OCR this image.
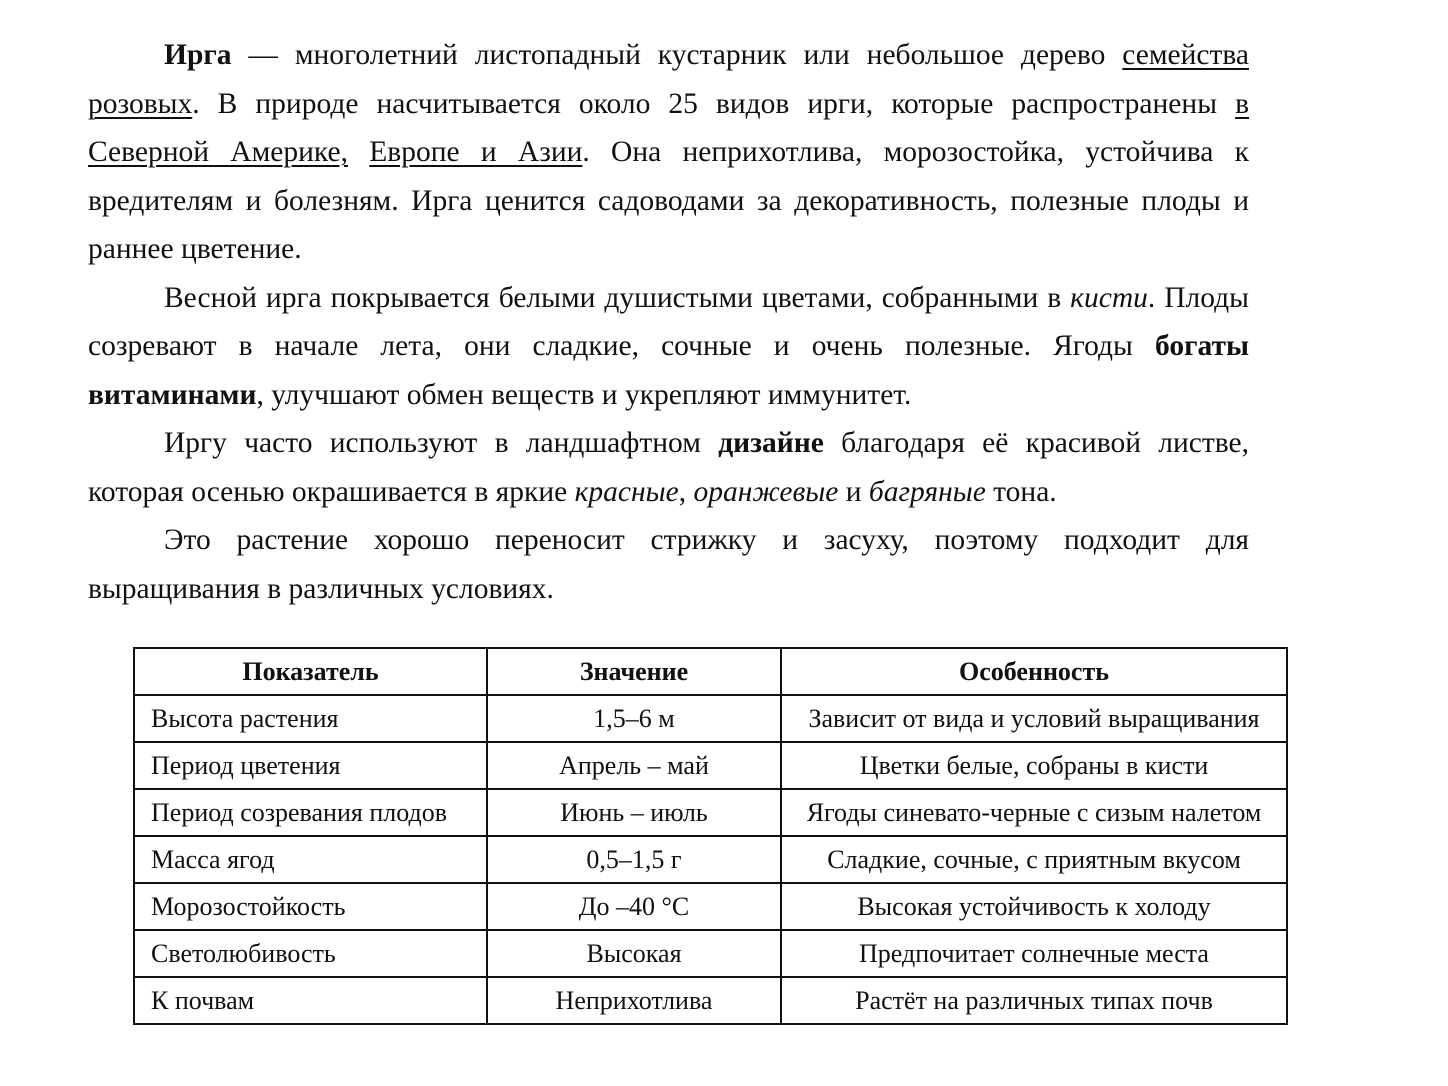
Ирга — многолетний листопадный кустарник или небольшое дерево семейства розовых. В природе насчитывается около 25 видов ирги, которые распространены в Северной Америке, Европе и Азии. Она неприхотлива, морозостойка, устойчива к вредителям и болезням. Ирга ценится садоводами за декоративность, полезные плоды и раннее цветение.

Весной ирга покрывается белыми душистыми цветами, собранными в кисти. Плоды созревают в начале лета, они сладкие, сочные и очень полезные. Ягоды богаты витаминами, улучшают обмен веществ и укрепляют иммунитет.

Иргу часто используют в ландшафтном дизайне благодаря её красивой листве, которая осенью окрашивается в яркие красные, оранжевые и багряные тона.

Это растение хорошо переносит стрижку и засуху, поэтому подходит для выращивания в различных условиях.

Показатель	Значение	Особенность
Высота растения	1,5–6 м	Зависит от вида и условий выращивания
Период цветения	Апрель – май	Цветки белые, собраны в кисти
Период созревания плодов	Июнь – июль	Ягоды синевато-черные с сизым налетом
Масса ягод	0,5–1,5 г	Сладкие, сочные, с приятным вкусом
Морозостойкость	До –40 °С	Высокая устойчивость к холоду
Светолюбивость	Высокая	Предпочитает солнечные места
К почвам	Неприхотлива	Растёт на различных типах почв
